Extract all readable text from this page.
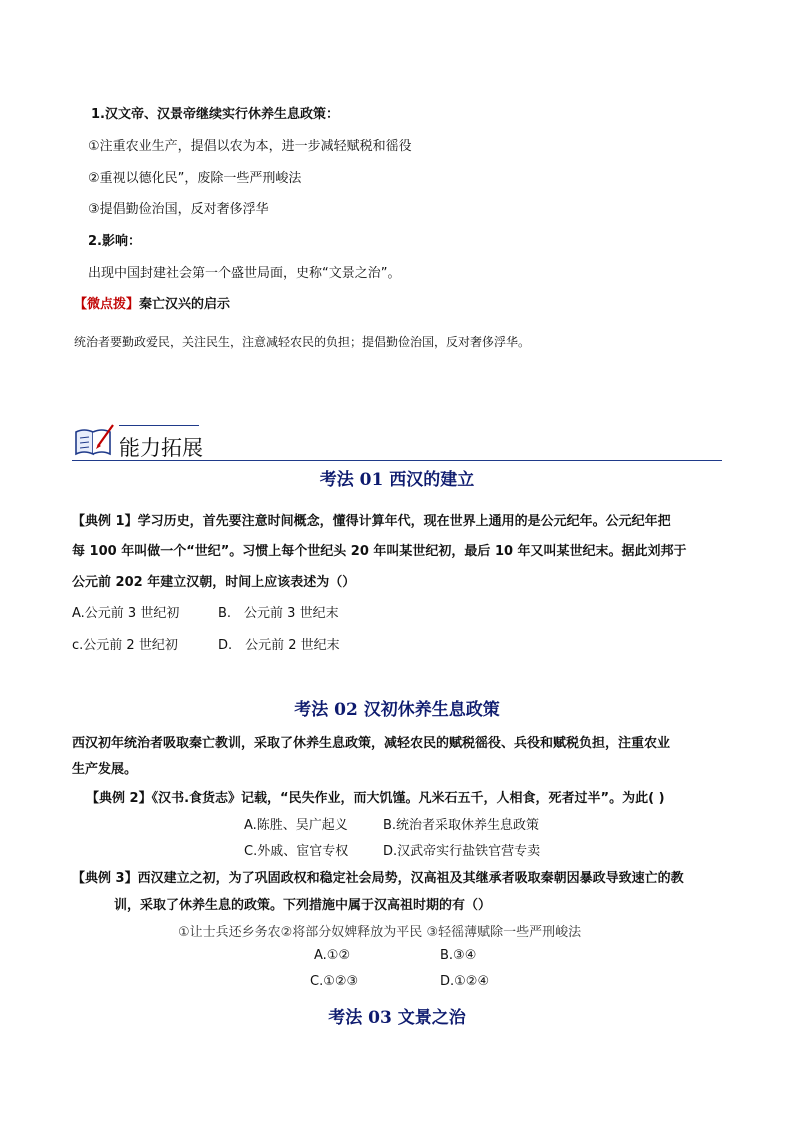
1.汉文帝、汉景帝继续实行休养生息政策：
①注重农业生产，提倡以农为本，进一步减轻赋税和徭役
②重视以德化民”，废除一些严刑峻法
③提倡勤俭治国，反对奢侈浮华
2.影响：
出现中国封建社会第一个盛世局面，史称“文景之治”。
【微点拨】秦亡汉兴的启示
统治者要勤政爱民，关注民生，注意减轻农民的负担；提倡勤俭治国，反对奢侈浮华。
能力拓展
考法 01 西汉的建立
【典例 1】学习历史，首先要注意时间概念，懂得计算年代，现在世界上通用的是公元纪年。公元纪年把
每 100 年叫做一个“世纪”。习惯上每个世纪头 20 年叫某世纪初，最后 10 年又叫某世纪末。据此刘邦于
公元前 202 年建立汉朝，时间上应该表述为（）
A.公元前 3 世纪初	B.　公元前 3 世纪末
c.公元前 2 世纪初	D.　公元前 2 世纪末
考法 02 汉初休养生息政策
西汉初年统治者吸取秦亡教训，采取了休养生息政策，减轻农民的赋税徭役、兵役和赋税负担，注重农业
生产发展。
【典例 2】《汉书.食货志》记载，“民失作业，而大饥馑。凡米石五千，人相食，死者过半”。为此( )
A.陈胜、吴广起义	B.统治者采取休养生息政策
C.外戚、宦官专权	D.汉武帝实行盐铁官营专卖
【典例 3】西汉建立之初，为了巩固政权和稳定社会局势，汉高祖及其继承者吸取秦朝因暴政导致速亡的教
训，采取了休养生息的政策。下列措施中属于汉高祖时期的有（）
①让士兵还乡务农②将部分奴婢释放为平民 ③轻徭薄赋除一些严刑峻法
A.①②	B.③④
C.①②③	D.①②④
考法 03 文景之治
